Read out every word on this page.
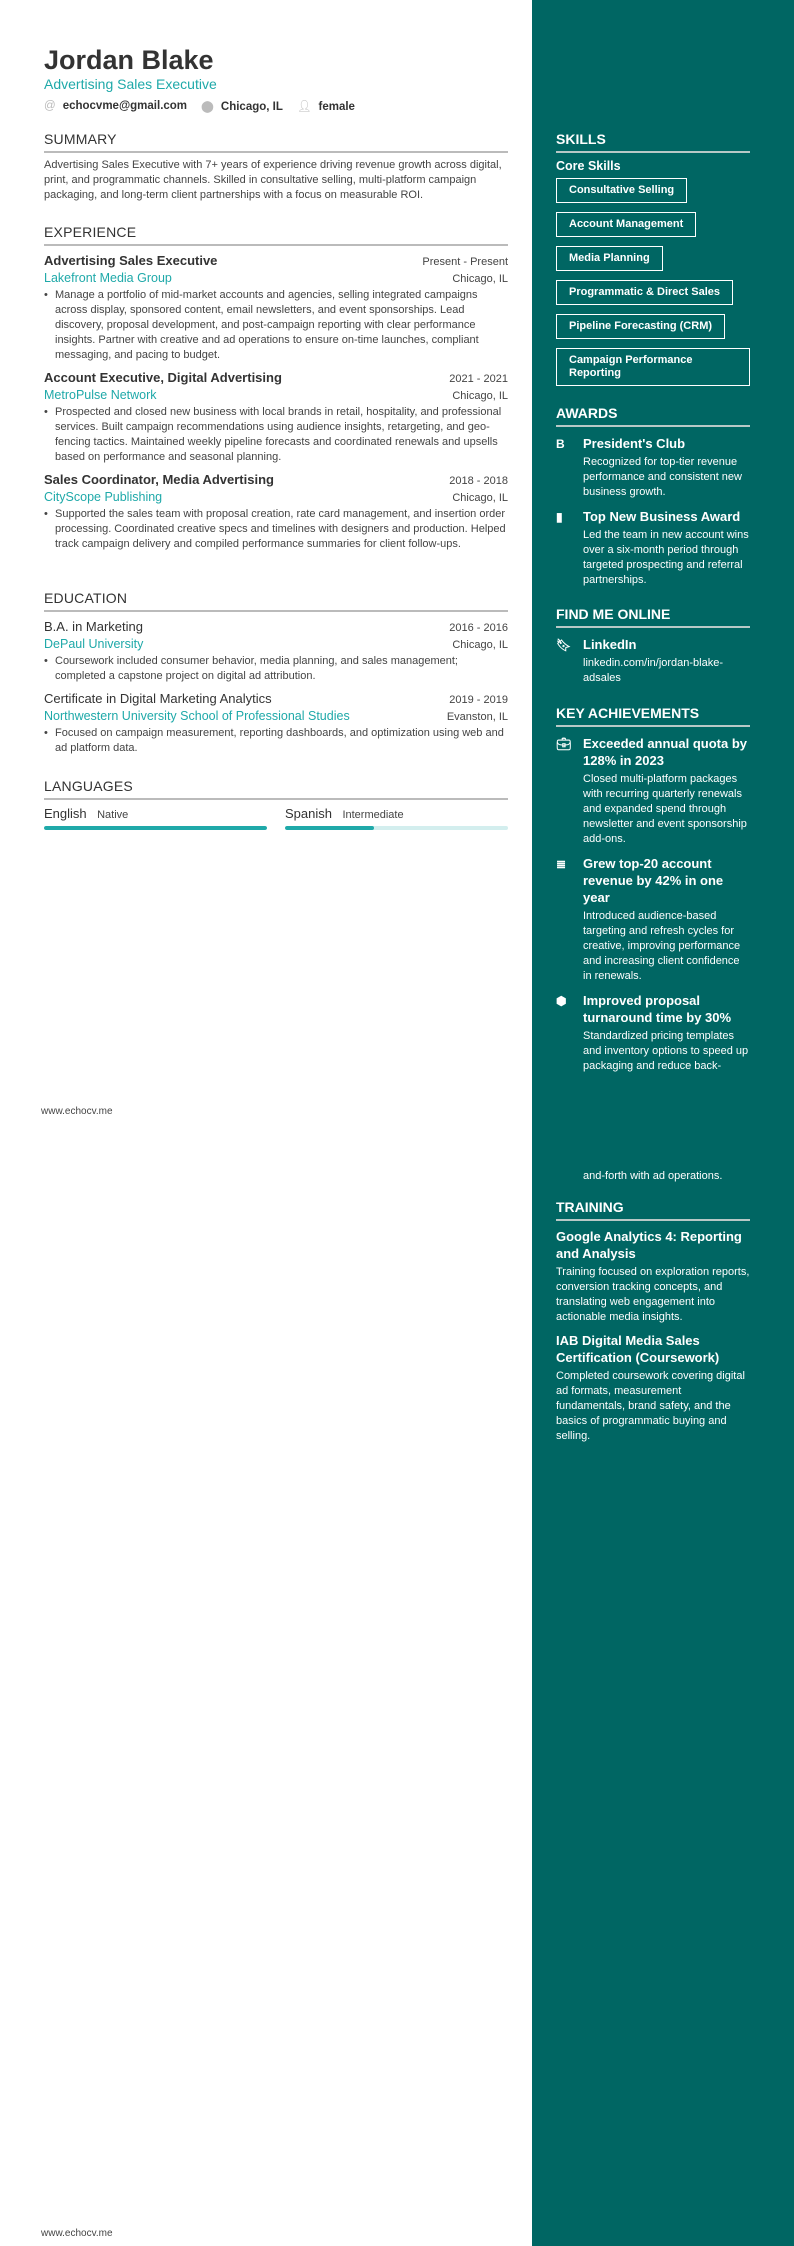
Jordan Blake
Advertising Sales Executive
@ echocvme@gmail.com ⬤ Chicago, IL 👤︎ female
SUMMARY
Advertising Sales Executive with 7+ years of experience driving revenue growth across digital, print, and programmatic channels. Skilled in consultative selling, multi-platform campaign packaging, and long-term client partnerships with a focus on measurable ROI.
EXPERIENCE
Advertising Sales Executive	Present - Present
Lakefront Media Group	Chicago, IL
• Manage a portfolio of mid-market accounts and agencies, selling integrated campaigns across display, sponsored content, email newsletters, and event sponsorships. Lead discovery, proposal development, and post-campaign reporting with clear performance insights. Partner with creative and ad operations to ensure on-time launches, compliant messaging, and pacing to budget.
Account Executive, Digital Advertising	2021 - 2021
MetroPulse Network	Chicago, IL
• Prospected and closed new business with local brands in retail, hospitality, and professional services. Built campaign recommendations using audience insights, retargeting, and geo-fencing tactics. Maintained weekly pipeline forecasts and coordinated renewals and upsells based on performance and seasonal planning.
Sales Coordinator, Media Advertising	2018 - 2018
CityScope Publishing	Chicago, IL
• Supported the sales team with proposal creation, rate card management, and insertion order processing. Coordinated creative specs and timelines with designers and production. Helped track campaign delivery and compiled performance summaries for client follow-ups.
EDUCATION
B.A. in Marketing	2016 - 2016
DePaul University	Chicago, IL
• Coursework included consumer behavior, media planning, and sales management; completed a capstone project on digital ad attribution.
Certificate in Digital Marketing Analytics	2019 - 2019
Northwestern University School of Professional Studies	Evanston, IL
• Focused on campaign measurement, reporting dashboards, and optimization using web and ad platform data.
LANGUAGES
English Native	Spanish Intermediate
www.echocv.me
www.echocv.me
SKILLS
Core Skills
Consultative Selling
Account Management
Media Planning
Programmatic & Direct Sales
Pipeline Forecasting (CRM)
Campaign Performance Reporting
AWARDS
B	President's Club
Recognized for top-tier revenue performance and consistent new business growth.
▮	Top New Business Award
Led the team in new account wins over a six-month period through targeted prospecting and referral partnerships.
FIND ME ONLINE
🔖︎ LinkedIn
linkedin.com/in/jordan-blake-adsales
KEY ACHIEVEMENTS
💼︎ Exceeded annual quota by 128% in 2023
Closed multi-platform packages with recurring quarterly renewals and expanded spend through newsletter and event sponsorship add-ons.
≣	Grew top-20 account revenue by 42% in one year
Introduced audience-based targeting and refresh cycles for creative, improving performance and increasing client confidence in renewals.
⬢	Improved proposal turnaround time by 30%
Standardized pricing templates and inventory options to speed up packaging and reduce back-
and-forth with ad operations.
TRAINING
Google Analytics 4: Reporting and Analysis
Training focused on exploration reports, conversion tracking concepts, and translating web engagement into actionable media insights.
IAB Digital Media Sales Certification (Coursework)
Completed coursework covering digital ad formats, measurement fundamentals, brand safety, and the basics of programmatic buying and selling.
